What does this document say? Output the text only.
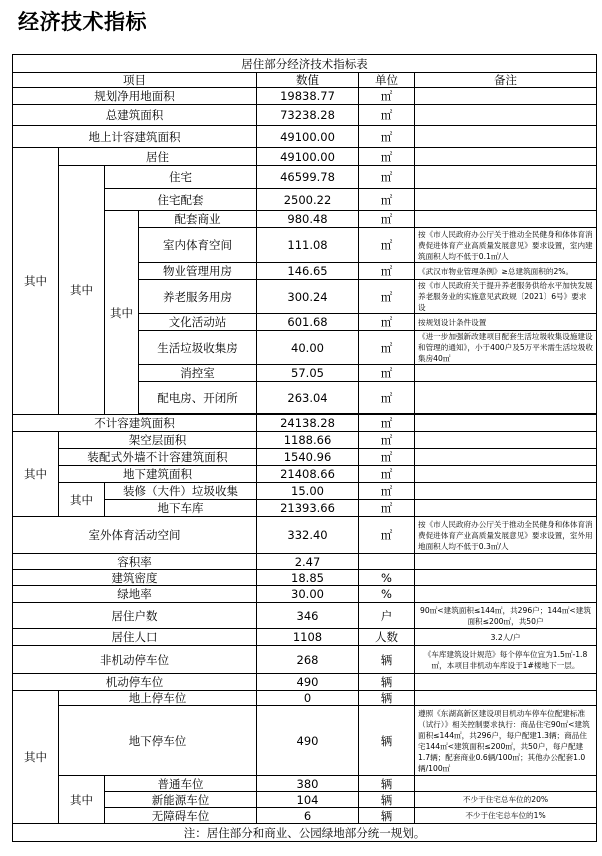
经济技术指标
居住部分经济技术指标表						
项目				数值	单位	备注
规划净用地面积				19838.77	㎡	
总建筑面积				73238.28	㎡	
地上计容建筑面积				49100.00	㎡	
其中	居住			49100.00	㎡	
	其中	住宅		46599.78	㎡	
		住宅配套		2500.22	㎡	
		其中	配套商业	980.48	㎡	
			室内体育空间	111.08	㎡	按《市人民政府办公厅关于推动全民健身和体体育消费促进体育产业高质量发展意见》要求设置，室内建筑面积人均不低于0.1㎡/人
			物业管理用房	146.65	㎡	《武汉市物业管理条例》≥总建筑面积的2%。
			养老服务用房	300.24	㎡	按《市人民政府关于提升养老服务供给水平加快发展养老服务业的实施意见武政规〔2021〕6号》要求设
			文化活动站	601.68	㎡	按规划设计条件设置
			生活垃圾收集房	40.00	㎡	《进一步加强新改建项目配套生活垃圾收集设施建设和管理的通知》，小于400户及5万平米需生活垃圾收集房40㎡
			消控室	57.05	㎡	
			配电房、开闭所	263.04	㎡	

不计容建筑面积				24138.28	㎡	
其中	架空层面积			1188.66	㎡	
	装配式外墙不计容建筑面积			1540.96	㎡	
	地下建筑面积			21408.66	㎡	
	其中	装修（大件）垃圾收集		15.00	㎡	
		地下车库		21393.66	㎡	
室外体育活动空间				332.40	㎡	按《市人民政府办公厅关于推动全民健身和体体育消费促进体育产业高质量发展意见》要求设置，室外用地面积人均不低于0.3㎡/人
容积率				2.47		
建筑密度				18.85	%	
绿地率				30.00	%	
居住户数				346	户	90㎡<建筑面积≤144㎡，共296户；144㎡<建筑面积≤200㎡，共50户
居住人口				1108	人数	3.2人/户
非机动停车位				268	辆	《车库建筑设计规范》每个停车位宜为1.5㎡-1.8㎡，本项目非机动车库设于1#楼地下一层。
机动停车位				490	辆	
其中	地上停车位			0	辆	
	地下停车位			490	辆	遵照《东湖高新区建设项目机动车停车位配建标准（试行）》相关控制要求执行：商品住宅90㎡<建筑面积≤144㎡，共296户，每户配建1.3辆；商品住宅144㎡<建筑面积≤200㎡，共50户，每户配建1.7辆；配套商业0.6辆/100㎡；其他办公配套1.0辆/100㎡
	其中	普通车位		380	辆	
		新能源车位		104	辆	不少于住宅总车位的20%
		无障碍车位		6	辆	不少于住宅总车位的1%
注：居住部分和商业、公园绿地部分统一规划。						
